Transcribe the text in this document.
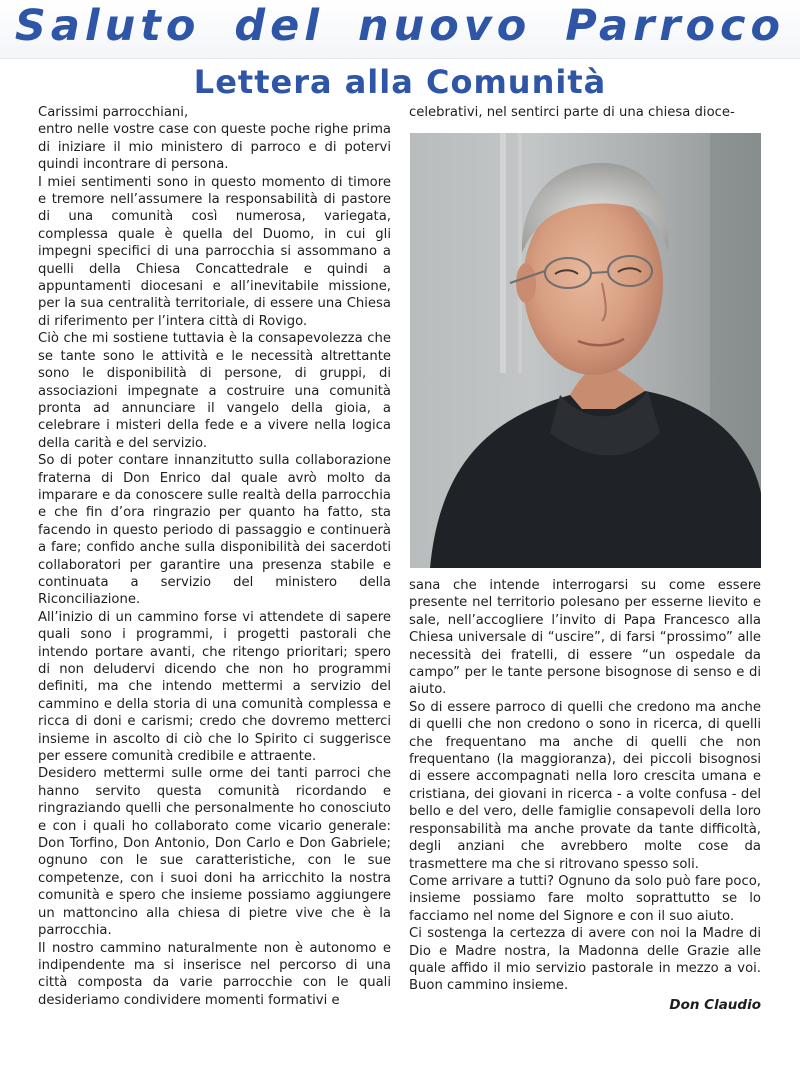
Saluto del nuovo Parroco
Lettera alla Comunità

Carissimi parrocchiani,

entro nelle vostre case con queste poche righe prima di iniziare il mio ministero di parroco e di potervi quindi incontrare di persona.

I miei sentimenti sono in questo momento di timore e tremore nell’assumere la responsabilità di pastore di una comunità così numerosa, variegata, complessa quale è quella del Duomo, in cui gli impegni specifici di una parrocchia si assommano a quelli della Chiesa Concattedrale e quindi a appuntamenti diocesani e all’inevitabile missione, per la sua centralità territoriale, di essere una Chiesa di riferimento per l’intera città di Rovigo.

Ciò che mi sostiene tuttavia è la consapevolezza che se tante sono le attività e le necessità altrettante sono le disponibilità di persone, di gruppi, di associazioni impegnate a costruire una comunità pronta ad annunciare il vangelo della gioia, a celebrare i misteri della fede e a vivere nella logica della carità e del servizio.

So di poter contare innanzitutto sulla collaborazione fraterna di Don Enrico dal quale avrò molto da imparare e da conoscere sulle realtà della parrocchia e che fin d’ora ringrazio per quanto ha fatto, sta facendo in questo periodo di passaggio e continuerà a fare; confido anche sulla disponibilità dei sacerdoti collaboratori per garantire una presenza stabile e continuata a servizio del ministero della Riconciliazione.

All’inizio di un cammino forse vi attendete di sapere quali sono i programmi, i progetti pastorali che intendo portare avanti, che ritengo prioritari; spero di non deludervi dicendo che non ho programmi definiti, ma che intendo mettermi a servizio del cammino e della storia di una comunità complessa e ricca di doni e carismi; credo che dovremo metterci insieme in ascolto di ciò che lo Spirito ci suggerisce per essere comunità credibile e attraente.

Desidero mettermi sulle orme dei tanti parroci che hanno servito questa comunità ricordando e ringraziando quelli che personalmente ho conosciuto e con i quali ho collaborato come vicario generale: Don Torfino, Don Antonio, Don Carlo e Don Gabriele; ognuno con le sue caratteristiche, con le sue competenze, con i suoi doni ha arricchito la nostra comunità e spero che insieme possiamo aggiungere un mattoncino alla chiesa di pietre vive che è la parrocchia.

Il nostro cammino naturalmente non è autonomo e indipendente ma si inserisce nel percorso di una città composta da varie parrocchie con le quali desideriamo condividere momenti formativi e

celebrativi, nel sentirci parte di una chiesa dioce-

sana che intende interrogarsi su come essere presente nel territorio polesano per esserne lievito e sale, nell’accogliere l’invito di Papa Francesco alla Chiesa universale di “uscire”, di farsi “prossimo” alle necessità dei fratelli, di essere “un ospedale da campo” per le tante persone bisognose di senso e di aiuto.

So di essere parroco di quelli che credono ma anche di quelli che non credono o sono in ricerca, di quelli che frequentano ma anche di quelli che non frequentano (la maggioranza), dei piccoli bisognosi di essere accompagnati nella loro crescita umana e cristiana, dei giovani in ricerca - a volte confusa - del bello e del vero, delle famiglie consapevoli della loro responsabilità ma anche provate da tante difficoltà, degli anziani che avrebbero molte cose da trasmettere ma che si ritrovano spesso soli.

Come arrivare a tutti? Ognuno da solo può fare poco, insieme possiamo fare molto soprattutto se lo facciamo nel nome del Signore e con il suo aiuto.

Ci sostenga la certezza di avere con noi la Madre di Dio e Madre nostra, la Madonna delle Grazie alle quale affido il mio servizio pastorale in mezzo a voi. Buon cammino insieme.

Don Claudio
